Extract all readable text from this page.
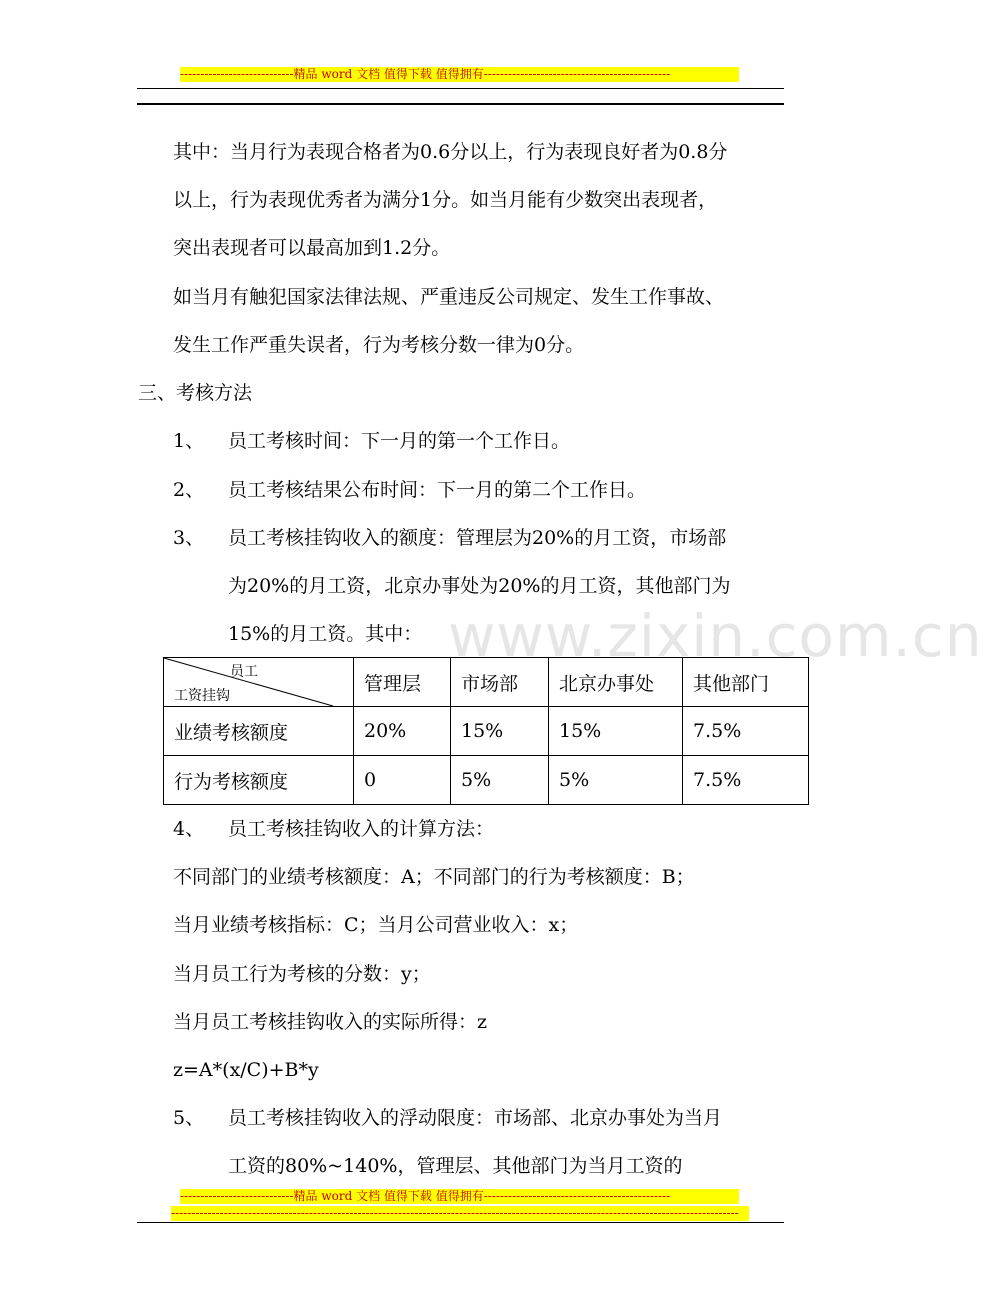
----------------------------精品 word 文档 值得下载 值得拥有----------------------------------------------
www.zixin.com.cn
其中：当月行为表现合格者为0.6分以上，行为表现良好者为0.8分
以上，行为表现优秀者为满分1分。如当月能有少数突出表现者，
突出表现者可以最高加到1.2分。
如当月有触犯国家法律法规、严重违反公司规定、发生工作事故、
发生工作严重失误者，行为考核分数一律为0分。
三、考核方法
1、 员工考核时间：下一月的第一个工作日。
2、 员工考核结果公布时间：下一月的第二个工作日。
3、 员工考核挂钩收入的额度：管理层为20%的月工资，市场部
为20%的月工资，北京办事处为20%的月工资，其他部门为
15%的月工资。其中：
员工
工资挂钩	管理层	市场部	北京办事处	其他部门
业绩考核额度	20%	15%	15%	7.5%
行为考核额度	0	5%	5%	7.5%
4、 员工考核挂钩收入的计算方法：
不同部门的业绩考核额度：A；不同部门的行为考核额度：B；
当月业绩考核指标：C；当月公司营业收入：x；
当月员工行为考核的分数：y；
当月员工考核挂钩收入的实际所得：z
z=A*(x/C)+B*y
5、 员工考核挂钩收入的浮动限度：市场部、北京办事处为当月
工资的80%~140%，管理层、其他部门为当月工资的
----------------------------精品 word 文档 值得下载 值得拥有----------------------------------------------
--------------------------------------------------------------------------------------------------------------------------------------------
